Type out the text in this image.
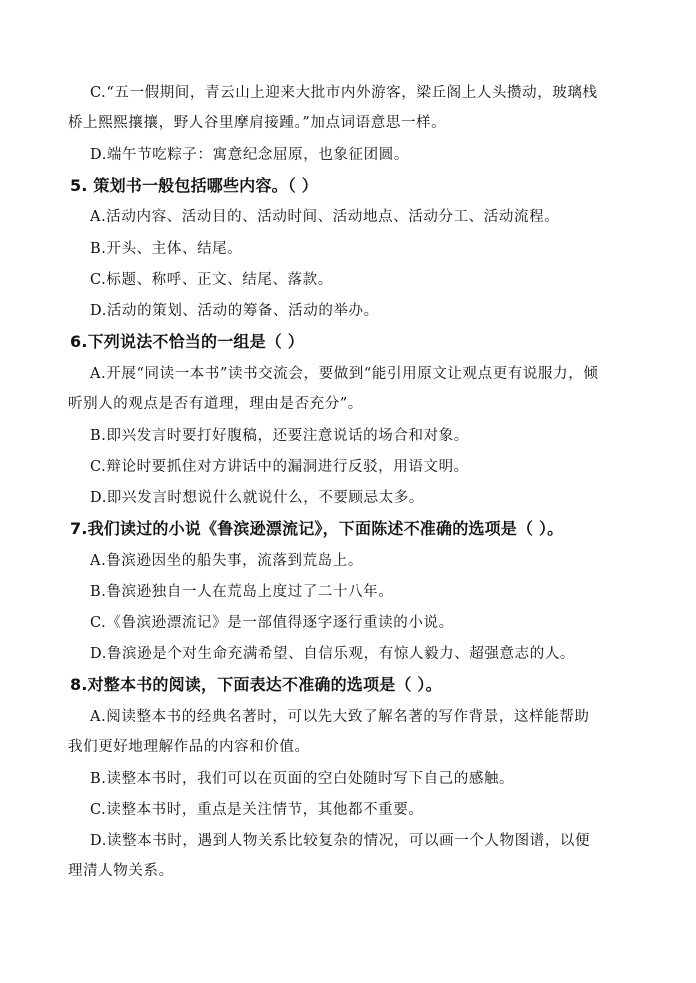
C.“五一假期间，青云山上迎来大批市内外游客，梁丘阁上人头攒动，玻璃栈
桥上熙熙攘攘，野人谷里摩肩接踵。”加点词语意思一样。
D.端午节吃粽子：寓意纪念屈原，也象征团圆。
5. 策划书一般包括哪些内容。（ ）
A.活动内容、活动目的、活动时间、活动地点、活动分工、活动流程。
B.开头、主体、结尾。
C.标题、称呼、正文、结尾、落款。
D.活动的策划、活动的筹备、活动的举办。
6.下列说法不恰当的一组是（ ）
A.开展“同读一本书”读书交流会，要做到“能引用原文让观点更有说服力，倾
听别人的观点是否有道理，理由是否充分”。
B.即兴发言时要打好腹稿，还要注意说话的场合和对象。
C.辩论时要抓住对方讲话中的漏洞进行反驳，用语文明。
D.即兴发言时想说什么就说什么，不要顾忌太多。
7.我们读过的小说《鲁滨逊漂流记》，下面陈述不准确的选项是（ ）。
A.鲁滨逊因坐的船失事，流落到荒岛上。
B.鲁滨逊独自一人在荒岛上度过了二十八年。
C.《鲁滨逊漂流记》是一部值得逐字逐行重读的小说。
D.鲁滨逊是个对生命充满希望、自信乐观，有惊人毅力、超强意志的人。
8.对整本书的阅读，下面表达不准确的选项是（ ）。
A.阅读整本书的经典名著时，可以先大致了解名著的写作背景，这样能帮助
我们更好地理解作品的内容和价值。
B.读整本书时，我们可以在页面的空白处随时写下自己的感触。
C.读整本书时，重点是关注情节，其他都不重要。
D.读整本书时，遇到人物关系比较复杂的情况，可以画一个人物图谱，以便
理清人物关系。
